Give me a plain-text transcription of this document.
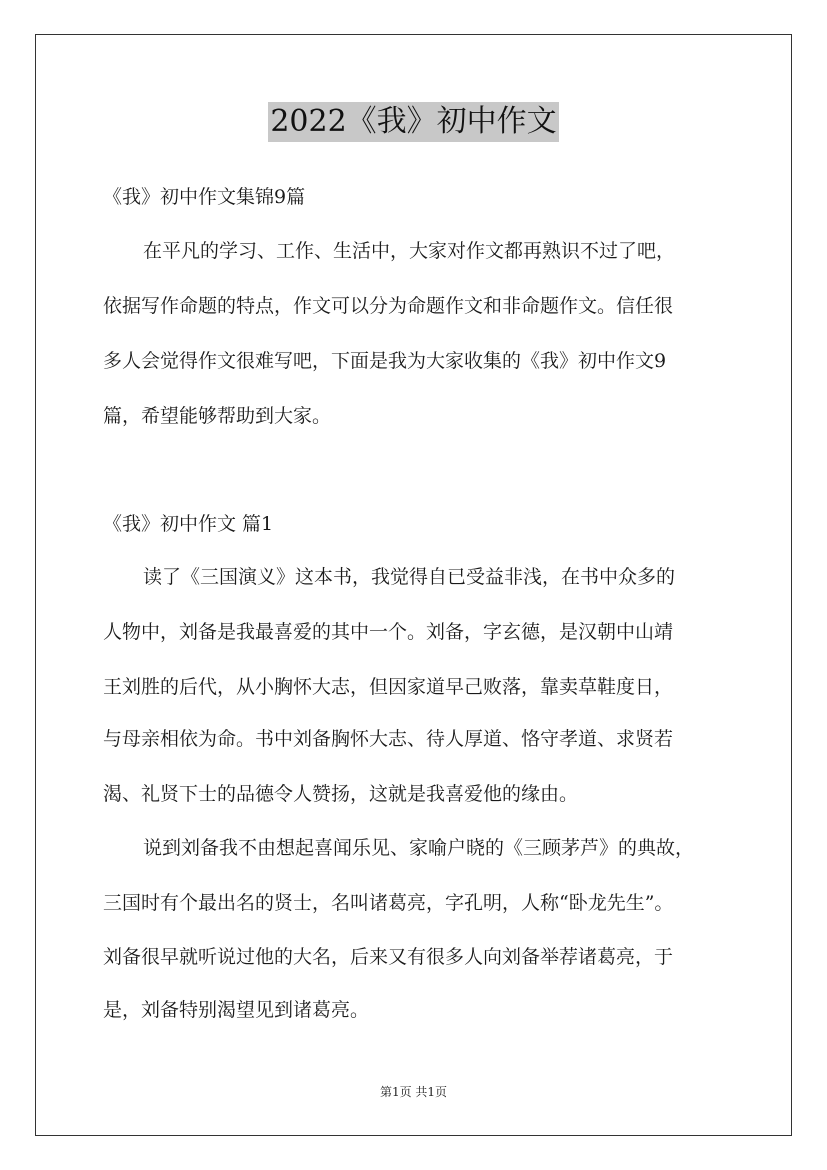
2022《我》初中作文
《我》初中作文集锦9篇
在平凡的学习、工作、生活中，大家对作文都再熟识不过了吧，
依据写作命题的特点，作文可以分为命题作文和非命题作文。信任很
多人会觉得作文很难写吧，下面是我为大家收集的《我》初中作文9
篇，希望能够帮助到大家。
《我》初中作文 篇1
读了《三国演义》这本书，我觉得自已受益非浅，在书中众多的
人物中，刘备是我最喜爱的其中一个。刘备，字玄德，是汉朝中山靖
王刘胜的后代，从小胸怀大志，但因家道早己败落，靠卖草鞋度日，
与母亲相依为命。书中刘备胸怀大志、待人厚道、恪守孝道、求贤若
渴、礼贤下士的品德令人赞扬，这就是我喜爱他的缘由。
说到刘备我不由想起喜闻乐见、家喻户晓的《三顾茅芦》的典故，
三国时有个最出名的贤士，名叫诸葛亮，字孔明，人称“卧龙先生”。
刘备很早就听说过他的大名，后来又有很多人向刘备举荐诸葛亮，于
是，刘备特别渴望见到诸葛亮。
第1页 共1页
